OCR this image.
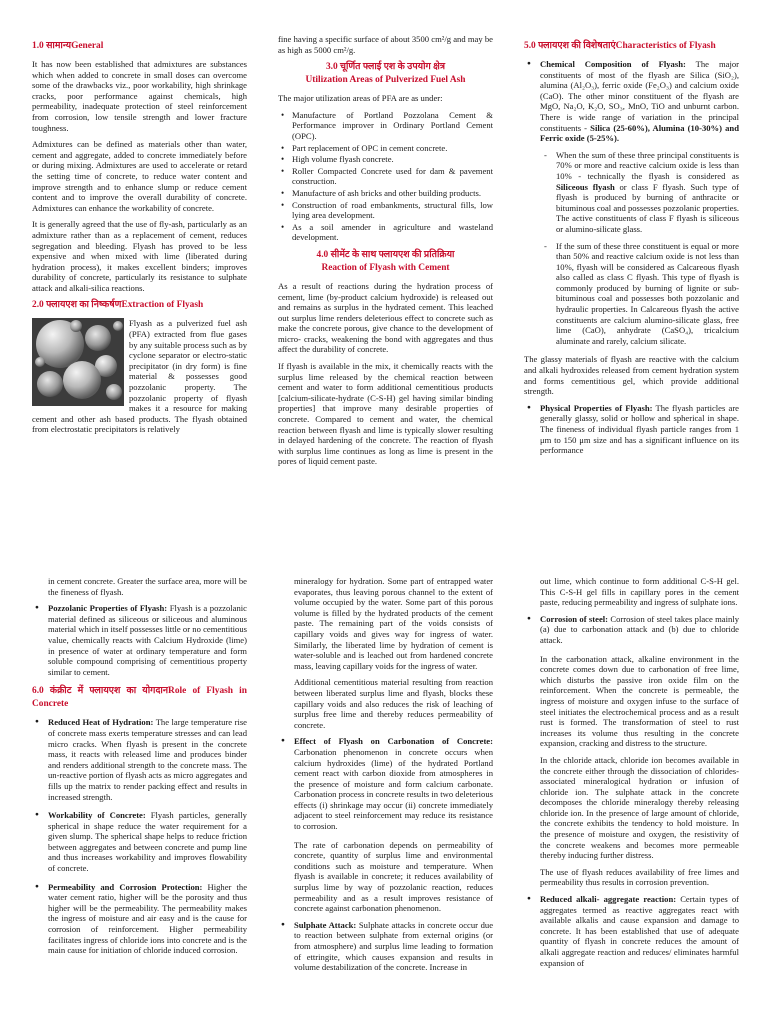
1.0 सामान्यGeneral

It has now been established that admixtures are substances which when added to concrete in small doses can overcome some of the drawbacks viz., poor workability, high shrinkage cracks, poor performance against chemicals, high permeability, inadequate protection of steel reinforcement from corrosion, low tensile strength and lower fracture toughness.

Admixtures can be defined as materials other than water, cement and aggregate, added to concrete immediately before or during mixing. Admixtures are used to accelerate or retard the setting time of concrete, to reduce water content and improve strength and to enhance slump or reduce cement content and to improve the overall durability of concrete. Admixtures can enhance the workability of concrete.

It is generally agreed that the use of fly-ash, particularly as an admixture rather than as a replacement of cement, reduces segregation and bleeding. Flyash has proved to be less expensive and when mixed with lime (liberated during hydration process), it makes excellent binders; improves durability of concrete, particularly its resistance to sulphate attack and alkali-silica reactions.

2.0 फ्लायएश का निष्कर्षणExtraction of Flyash

Flyash as a pulverized fuel ash (PFA) extracted from flue gases by any suitable process such as by cyclone separator or electro-static precipitator (in dry form) is fine material & possesses good pozzolanic property. The pozzolanic property of flyash makes it a resource for making cement and other ash based products. The flyash obtained from electrostatic precipitators is relatively

fine having a specific surface of about 3500 cm²/g and may be as high as 5000 cm²/g.

3.0 चूर्णित फ्लाई एश के उपयोग क्षेत्र
Utilization Areas of Pulverized Fuel Ash

The major utilization areas of PFA are as under:

• Manufacture of Portland Pozzolana Cement & Performance improver in Ordinary Portland Cement (OPC).
• Part replacement of OPC in cement concrete.
• High volume flyash concrete.
• Roller Compacted Concrete used for dam & pavement construction.
• Manufacture of ash bricks and other building products.
• Construction of road embankments, structural fills, low lying area development.
• As a soil amender in agriculture and wasteland development.
4.0 सीमेंट के साथ फ्लायएश की प्रतिक्रिया
Reaction of Flyash with Cement

As a result of reactions during the hydration process of cement, lime (by-product calcium hydroxide) is released out and remains as surplus in the hydrated cement. This leached out surplus lime renders deleterious effect to concrete such as make the concrete porous, give chance to the development of micro- cracks, weakening the bond with aggregates and thus affect the durability of concrete.

If flyash is available in the mix, it chemically reacts with the surplus lime released by the chemical reaction between cement and water to form additional cementitious products [calcium-silicate-hydrate (C-S-H) gel having similar binding properties] that improve many desirable properties of concrete. Compared to cement and water, the chemical reaction between flyash and lime is typically slower resulting in delayed hardening of the concrete. The reaction of flyash with surplus lime continues as long as lime is present in the pores of liquid cement paste.

5.0 फ्लायएश की विशेषताएंCharacteristics of Flyash
● Chemical Composition of Flyash: The major constituents of most of the flyash are Silica (SiO₂), alumina (Al₂O₃), ferric oxide (Fe₂O₃) and calcium oxide (CaO). The other minor constituent of the flyash are MgO, Na₂O, K₂O, SO₃, MnO, TiO and unburnt carbon. There is wide range of variation in the principal constituents - Silica (25-60%), Alumina (10-30%) and Ferric oxide (5-25%).
- When the sum of these three principal constituents is 70% or more and reactive calcium oxide is less than 10% - technically the flyash is considered as Siliceous flyash or class F flyash. Such type of flyash is produced by burning of anthracite or bituminous coal and possesses pozzolanic properties. The active constituents of class F flyash is siliceous or alumino-silicate glass.
- If the sum of these three constituent is equal or more than 50% and reactive calcium oxide is not less than 10%, flyash will be considered as Calcareous flyash also called as class C flyash. This type of flyash is commonly produced by burning of lignite or sub-bituminous coal and possesses both pozzolanic and hydraulic properties. In Calcareous flyash the active constituents are calcium alumino-silicate glass, free lime (CaO), anhydrate (CaSO₄), tricalcium aluminate and rarely, calcium silicate.

The glassy materials of flyash are reactive with the calcium and alkali hydroxides released from cement hydration system and forms cementitious gel, which provide additional strength.

● Physical Properties of Flyash: The flyash particles are generally glassy, solid or hollow and spherical in shape. The fineness of individual flyash particle ranges from 1 μm to 150 μm size and has a significant influence on its performance

in cement concrete. Greater the surface area, more will be the fineness of flyash.

● Pozzolanic Properties of Flyash: Flyash is a pozzolanic material defined as siliceous or siliceous and aluminous material which in itself possesses little or no cementitious value, chemically reacts with Calcium Hydroxide (lime) in presence of water at ordinary temperature and form soluble compound comprising of cementitious property similar to cement.
6.0 कंक्रीट में फ्लायएश का योगदानRole of Flyash in Concrete
● Reduced Heat of Hydration: The large temperature rise of concrete mass exerts temperature stresses and can lead micro cracks. When flyash is present in the concrete mass, it reacts with released lime and produces binder and renders additional strength to the concrete mass. The un-reactive portion of flyash acts as micro aggregates and fills up the matrix to render packing effect and results in increased strength.
● Workability of Concrete: Flyash particles, generally spherical in shape reduce the water requirement for a given slump. The spherical shape helps to reduce friction between aggregates and between concrete and pump line and thus increases workability and improves flowability of concrete.
● Permeability and Corrosion Protection: Higher the water cement ratio, higher will be the porosity and thus higher will be the permeability. The permeability makes the ingress of moisture and air easy and is the cause for corrosion of reinforcement. Higher permeability facilitates ingress of chloride ions into concrete and is the main cause for initiation of chloride induced corrosion.

mineralogy for hydration. Some part of entrapped water evaporates, thus leaving porous channel to the extent of volume occupied by the water. Some part of this porous volume is filled by the hydrated products of the cement paste. The remaining part of the voids consists of capillary voids and gives way for ingress of water. Similarly, the liberated lime by hydration of cement is water-soluble and is leached out from hardened concrete mass, leaving capillary voids for the ingress of water.

Additional cementitious material resulting from reaction between liberated surplus lime and flyash, blocks these capillary voids and also reduces the risk of leaching of surplus free lime and thereby reduces permeability of concrete.

● Effect of Flyash on Carbonation of Concrete: Carbonation phenomenon in concrete occurs when calcium hydroxides (lime) of the hydrated Portland cement react with carbon dioxide from atmospheres in the presence of moisture and form calcium carbonate. Carbonation process in concrete results in two deleterious effects (i) shrinkage may occur (ii) concrete immediately adjacent to steel reinforcement may reduce its resistance to corrosion.

The rate of carbonation depends on permeability of concrete, quantity of surplus lime and environmental conditions such as moisture and temperature. When flyash is available in concrete; it reduces availability of surplus lime by way of pozzolanic reaction, reduces permeability and as a result improves resistance of concrete against carbonation phenomenon.

● Sulphate Attack: Sulphate attacks in concrete occur due to reaction between sulphate from external origins (or from atmosphere) and surplus lime leading to formation of ettringite, which causes expansion and results in volume destabilization of the concrete. Increase in

out lime, which continue to form additional C-S-H gel. This C-S-H gel fills in capillary pores in the cement paste, reducing permeability and ingress of sulphate ions.

● Corrosion of steel: Corrosion of steel takes place mainly (a) due to carbonation attack and (b) due to chloride attack.

In the carbonation attack, alkaline environment in the concrete comes down due to carbonation of free lime, which disturbs the passive iron oxide film on the reinforcement. When the concrete is permeable, the ingress of moisture and oxygen infuse to the surface of steel initiates the electrochemical process and as a result rust is formed. The transformation of steel to rust increases its volume thus resulting in the concrete expansion, cracking and distress to the structure.

In the chloride attack, chloride ion becomes available in the concrete either through the dissociation of chlorides-associated mineralogical hydration or infusion of chloride ion. The sulphate attack in the concrete decomposes the chloride mineralogy thereby releasing chloride ion. In the presence of large amount of chloride, the concrete exhibits the tendency to hold moisture. In the presence of moisture and oxygen, the resistivity of the concrete weakens and becomes more permeable thereby inducing further distress.

The use of flyash reduces availability of free limes and permeability thus results in corrosion prevention.

● Reduced alkali- aggregate reaction: Certain types of aggregates termed as reactive aggregates react with available alkalis and cause expansion and damage to concrete. It has been established that use of adequate quantity of flyash in concrete reduces the amount of alkali aggregate reaction and reduces/ eliminates harmful expansion of
